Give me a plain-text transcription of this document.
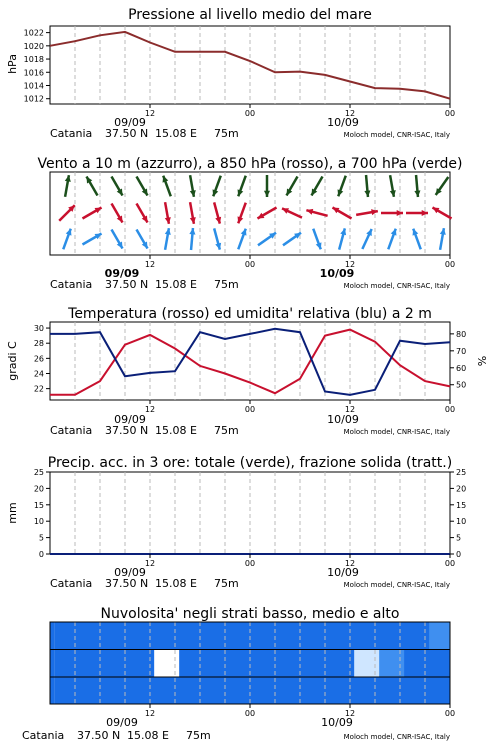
Pressione al livello medio del mare
1012
1014
1016
1018
1020
1022
hPa
12	00	12	00
09/09	10/09
Catania 37.50 N 15.08 E 75m	Moloch model, CNR-ISAC, Italy
Vento a 10 m (azzurro), a 850 hPa (rosso), a 700 hPa (verde)
12	00	12	00
09/09	10/09
Catania 37.50 N 15.08 E 75m	Moloch model, CNR-ISAC, Italy
Temperatura (rosso) ed umidita' relativa (blu) a 2 m
22
24
26
28
30
50
60
70
80
gradi C	%
12	00	12	00
09/09	10/09
Catania 37.50 N 15.08 E 75m	Moloch model, CNR-ISAC, Italy
Precip. acc. in 3 ore: totale (verde), frazione solida (tratt.)
0
5
10
15
20
25
0
5
10
15
20
25
mm
12	00	12	00
09/09	10/09
Catania 37.50 N 15.08 E 75m	Moloch model, CNR-ISAC, Italy
Nuvolosita' negli strati basso, medio e alto
12	00	12	00
09/09	10/09
Catania 37.50 N 15.08 E 75m	Moloch model, CNR-ISAC, Italy
